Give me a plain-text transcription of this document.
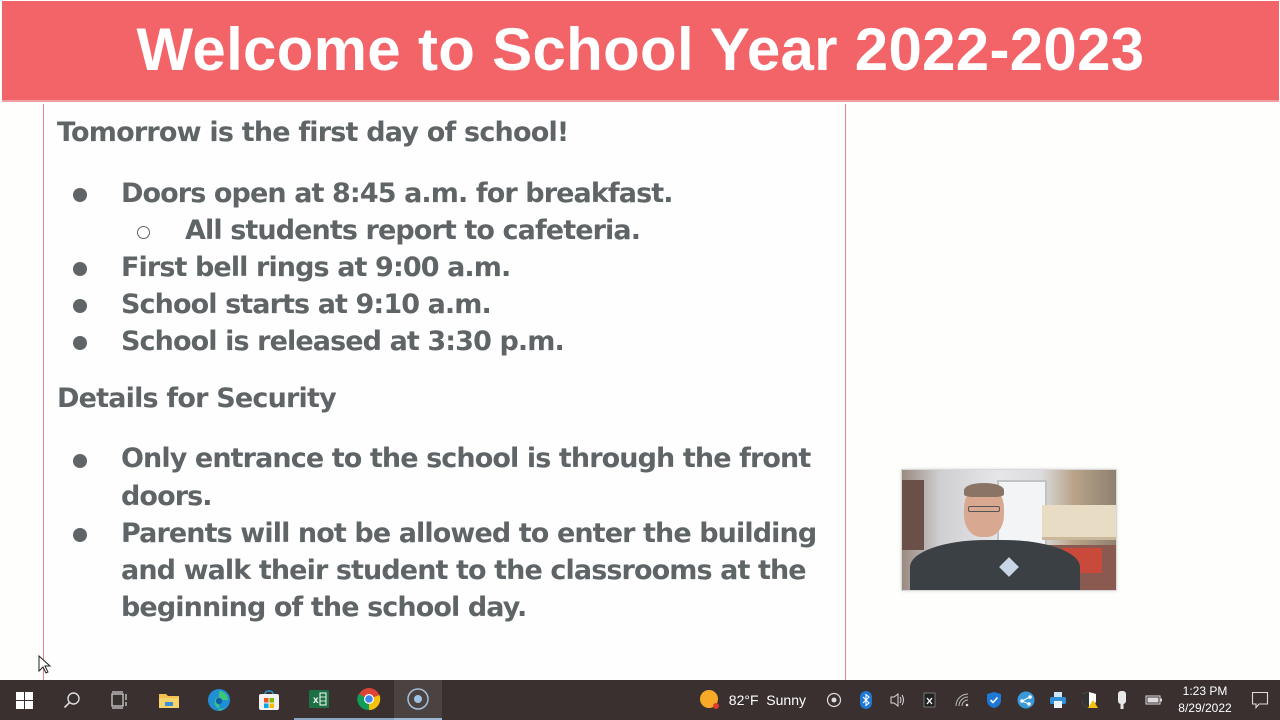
Welcome to School Year 2022-2023
Tomorrow is the first day of school!
Doors open at 8:45 a.m. for breakfast.
All students report to cafeteria.
First bell rings at 9:00 a.m.
School starts at 9:10 a.m.
School is released at 3:30 p.m.
Details for Security
Only entrance to the school is through the front
doors.
Parents will not be allowed to enter the building
and walk their student to the classrooms at the
beginning of the school day.
x	82°F Sunny
1:23 PM
8/29/2022
